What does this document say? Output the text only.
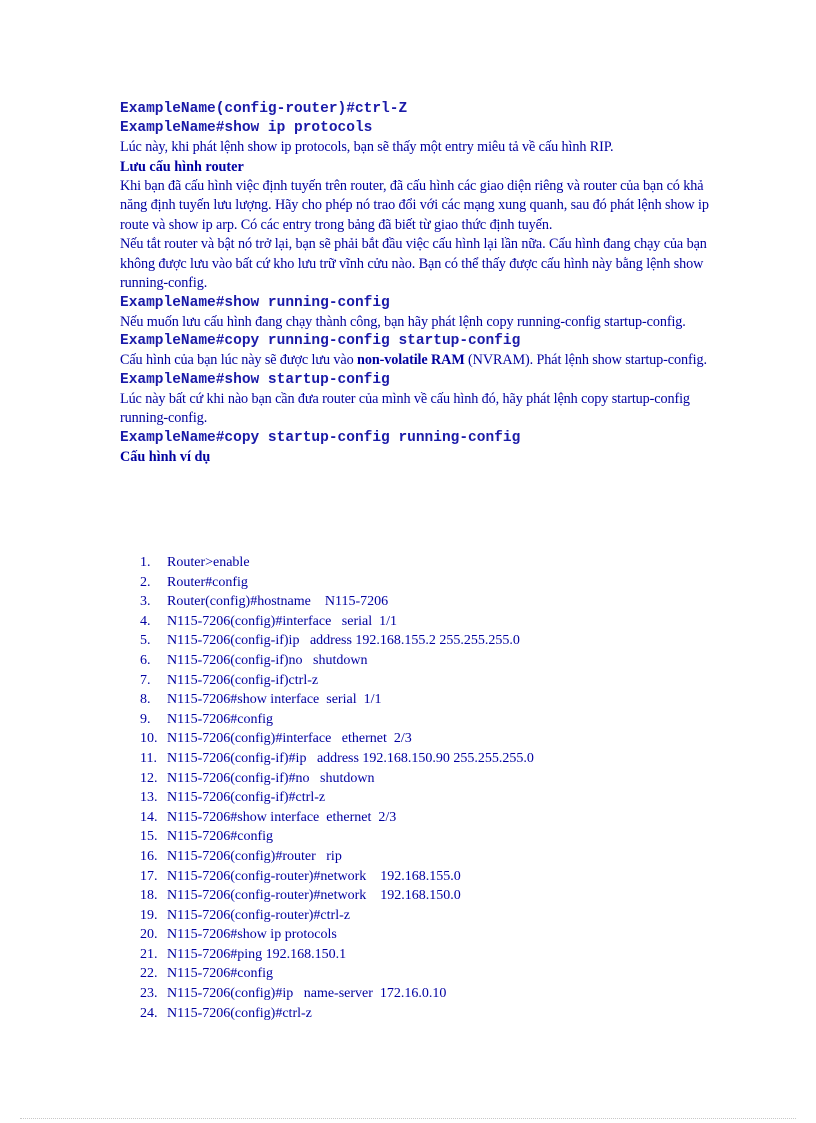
ExampleName(config-router)#ctrl-Z

ExampleName#show ip protocols

Lúc này, khi phát lệnh show ip protocols, bạn sẽ thấy một entry miêu tả về cấu hình RIP.

Lưu cấu hình router

Khi bạn đã cấu hình việc định tuyến trên router, đã cấu hình các giao diện riêng và router của bạn có khả năng định tuyến lưu lượng. Hãy cho phép nó trao đổi với các mạng xung quanh, sau đó phát lệnh show ip route và show ip arp. Có các entry trong bảng đã biết từ giao thức định tuyến.

Nếu tắt router và bật nó trở lại, bạn sẽ phải bắt đầu việc cấu hình lại lần nữa. Cấu hình đang chạy của bạn không được lưu vào bất cứ kho lưu trữ vĩnh cửu nào. Bạn có thể thấy được cấu hình này bằng lệnh show running-config.

ExampleName#show running-config

Nếu muốn lưu cấu hình đang chạy thành công, bạn hãy phát lệnh copy running-config startup-config.

ExampleName#copy running-config startup-config

Cấu hình của bạn lúc này sẽ được lưu vào non-volatile RAM (NVRAM). Phát lệnh show startup-config.

ExampleName#show startup-config

Lúc này bất cứ khi nào bạn cần đưa router của mình về cấu hình đó, hãy phát lệnh copy startup-config running-config.

ExampleName#copy startup-config running-config

Cấu hình ví dụ

1.	Router>enable
2.	Router#config
3.	Router(config)#hostname    N115-7206
4.	N115-7206(config)#interface   serial  1/1
5.	N115-7206(config-if)ip   address 192.168.155.2 255.255.255.0
6.	N115-7206(config-if)no   shutdown
7.	N115-7206(config-if)ctrl-z
8.	N115-7206#show interface  serial  1/1
9.	N115-7206#config
10. N115-7206(config)#interface   ethernet  2/3
11. N115-7206(config-if)#ip   address 192.168.150.90 255.255.255.0
12. N115-7206(config-if)#no   shutdown
13. N115-7206(config-if)#ctrl-z
14. N115-7206#show interface  ethernet  2/3
15. N115-7206#config
16. N115-7206(config)#router   rip
17. N115-7206(config-router)#network    192.168.155.0
18. N115-7206(config-router)#network    192.168.150.0
19. N115-7206(config-router)#ctrl-z
20. N115-7206#show ip protocols
21. N115-7206#ping 192.168.150.1
22. N115-7206#config
23. N115-7206(config)#ip   name-server  172.16.0.10
24. N115-7206(config)#ctrl-z
